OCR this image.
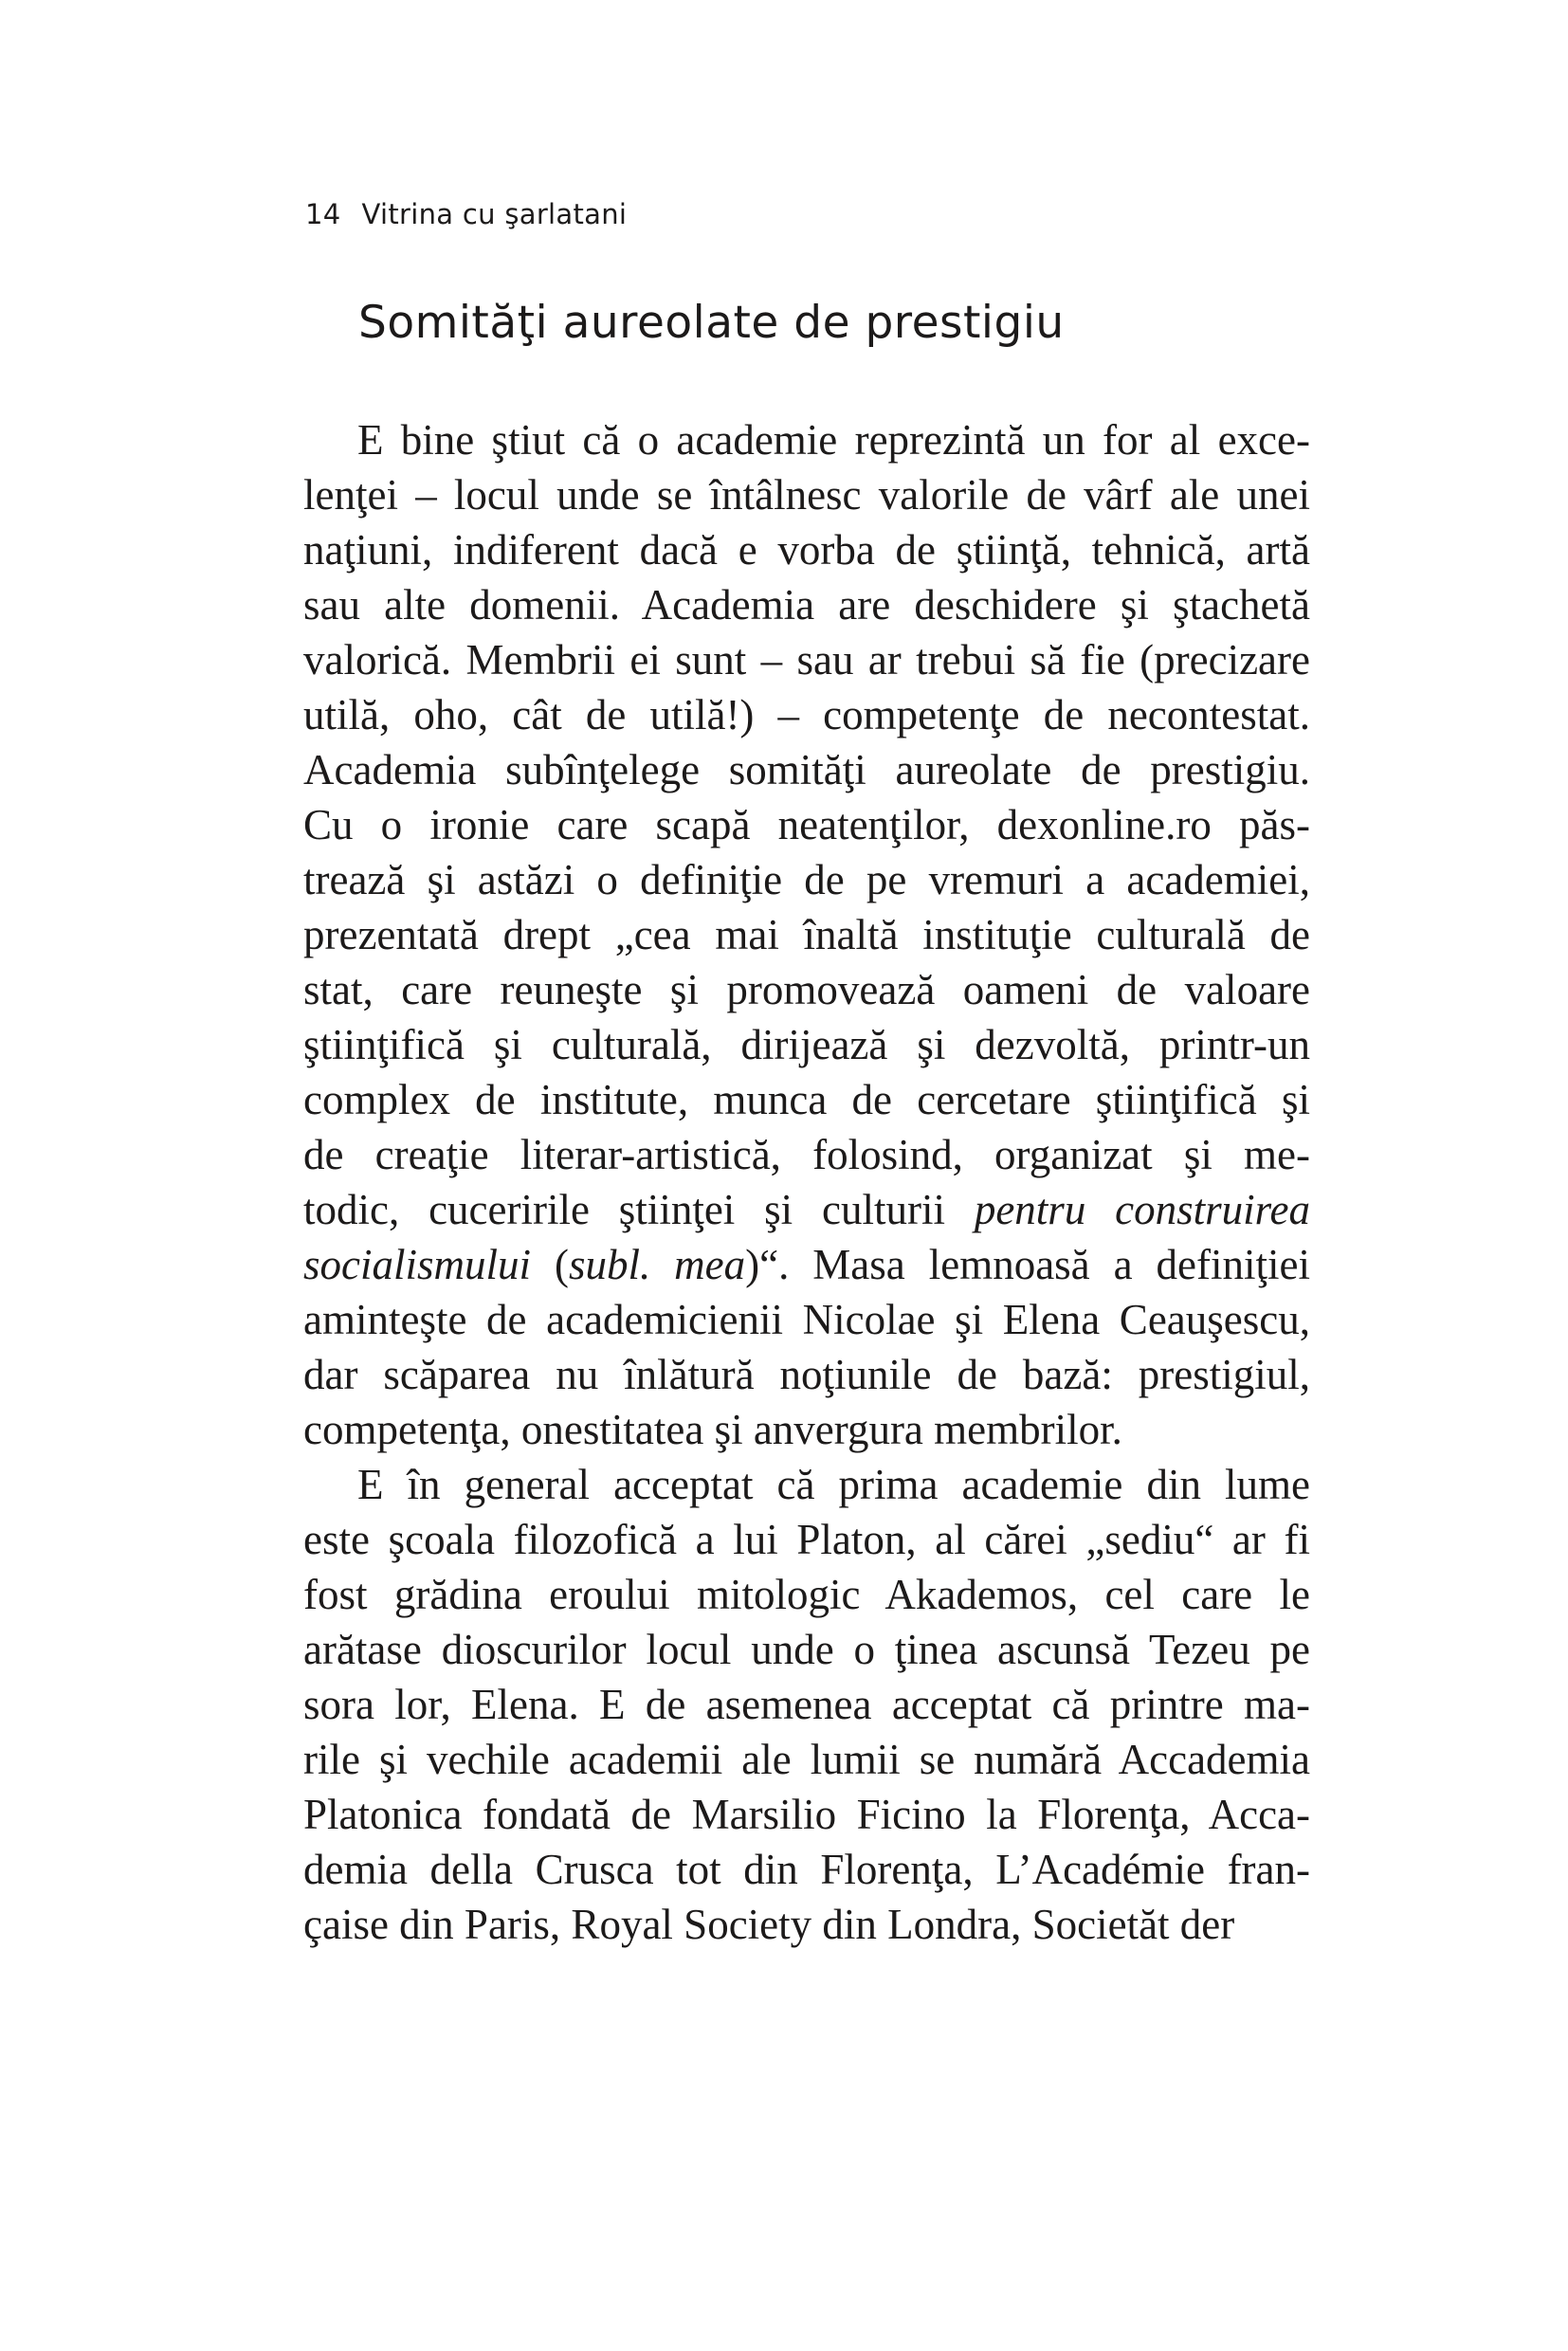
14 Vitrina cu şarlatani
Somităţi aureolate de prestigiu
E bine ştiut că o academie reprezintă un for al exce-
lenţei – locul unde se întâlnesc valorile de vârf ale unei
naţiuni, indiferent dacă e vorba de ştiinţă, tehnică, artă
sau alte domenii. Academia are deschidere şi ştachetă
valorică. Membrii ei sunt – sau ar trebui să fie (precizare
utilă, oho, cât de utilă!) – competenţe de necontestat.
Academia subînţelege somităţi aureolate de prestigiu.
Cu o ironie care scapă neatenţilor, dexonline.ro păs-
trează şi astăzi o definiţie de pe vremuri a academiei,
prezentată drept „cea mai înaltă instituţie culturală de
stat, care reuneşte şi promovează oameni de valoare
ştiinţifică şi culturală, dirijează şi dezvoltă, printr-un
complex de institute, munca de cercetare ştiinţifică şi
de creaţie literar-artistică, folosind, organizat şi me-
todic, cuceririle ştiinţei şi culturii pentru construirea
socialismului (subl. mea)“. Masa lemnoasă a definiţiei
aminteşte de academicienii Nicolae şi Elena Ceauşescu,
dar scăparea nu înlătură noţiunile de bază: prestigiul,
competenţa, onestitatea şi anvergura membrilor.
E în general acceptat că prima academie din lume
este şcoala filozofică a lui Platon, al cărei „sediu“ ar fi
fost grădina eroului mitologic Akademos, cel care le
arătase dioscurilor locul unde o ţinea ascunsă Tezeu pe
sora lor, Elena. E de asemenea acceptat că printre ma-
rile şi vechile academii ale lumii se numără Accademia
Platonica fondată de Marsilio Ficino la Florenţa, Acca-
demia della Crusca tot din Florenţa, L’Académie fran-
çaise din Paris, Royal Society din Londra, Societăt der
